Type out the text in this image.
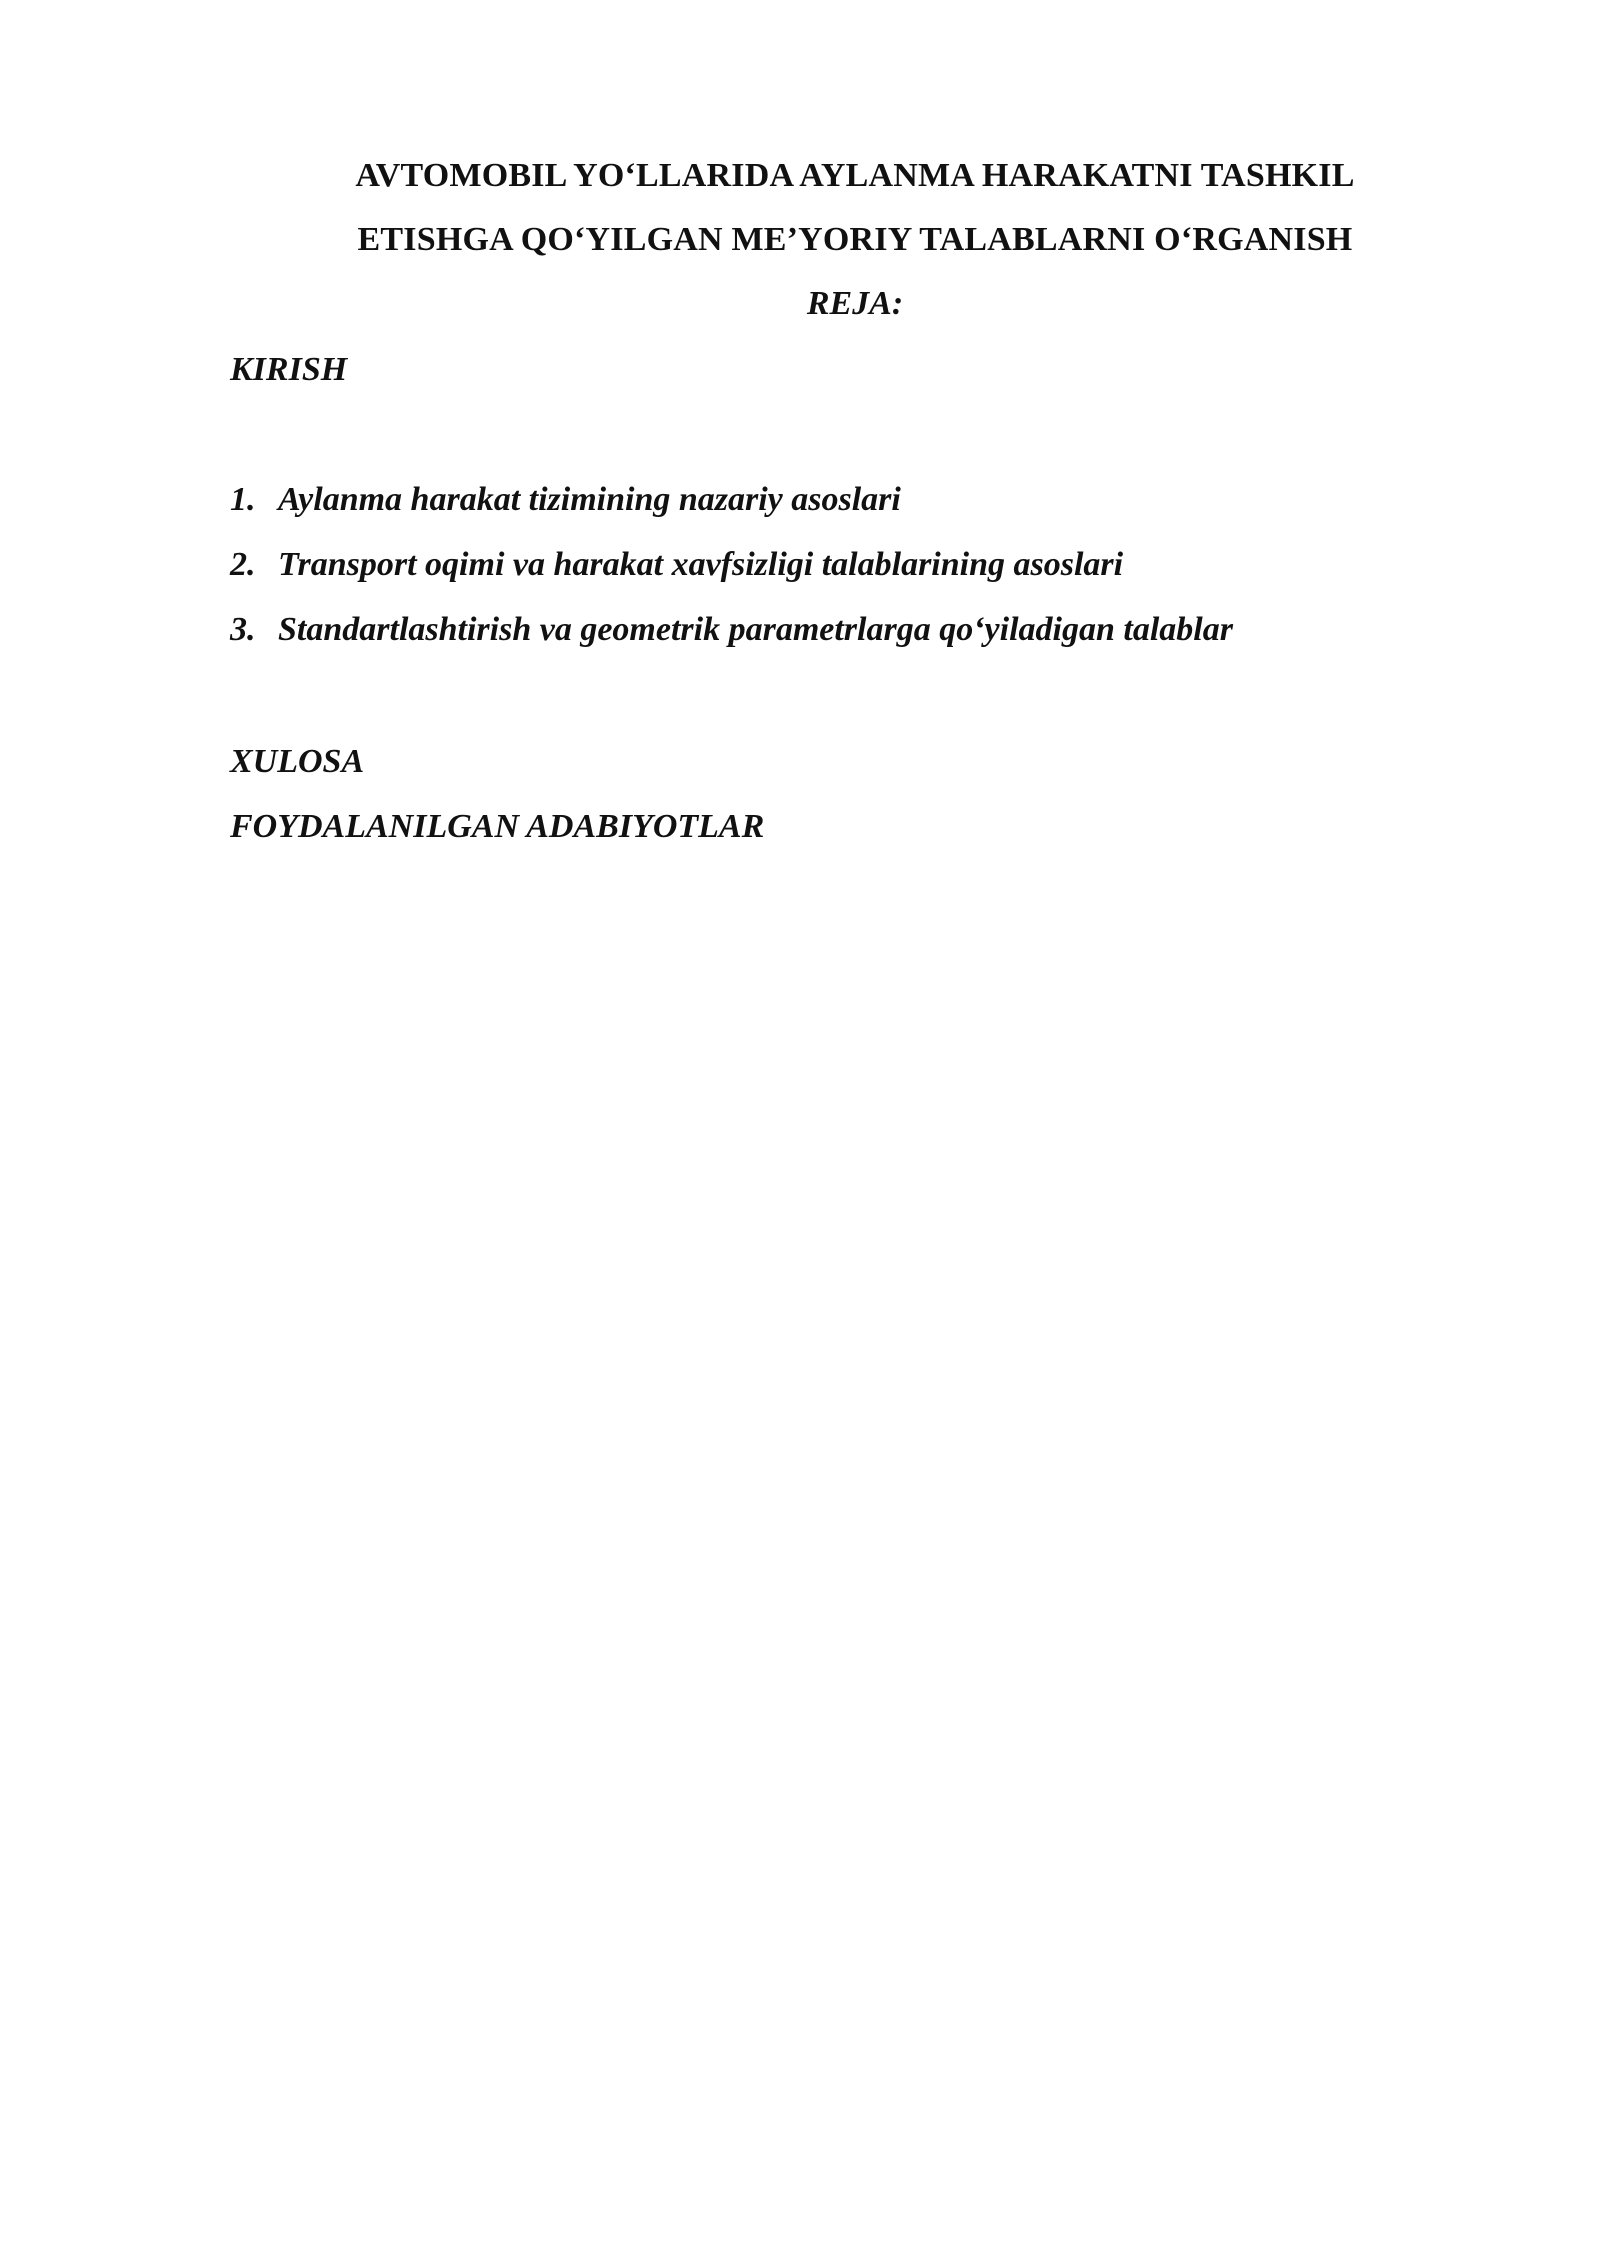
AVTOMOBIL YO‘LLARIDA AYLANMA HARAKATNI TASHKIL

ETISHGA QO‘YILGAN ME’YORIY TALABLARNI O‘RGANISH

REJA:

KIRISH

1. Aylanma harakat tizimining nazariy asoslari
2. Transport oqimi va harakat xavfsizligi talablarining asoslari
3. Standartlashtirish va geometrik parametrlarga qo‘yiladigan talablar

XULOSA

FOYDALANILGAN ADABIYOTLAR
